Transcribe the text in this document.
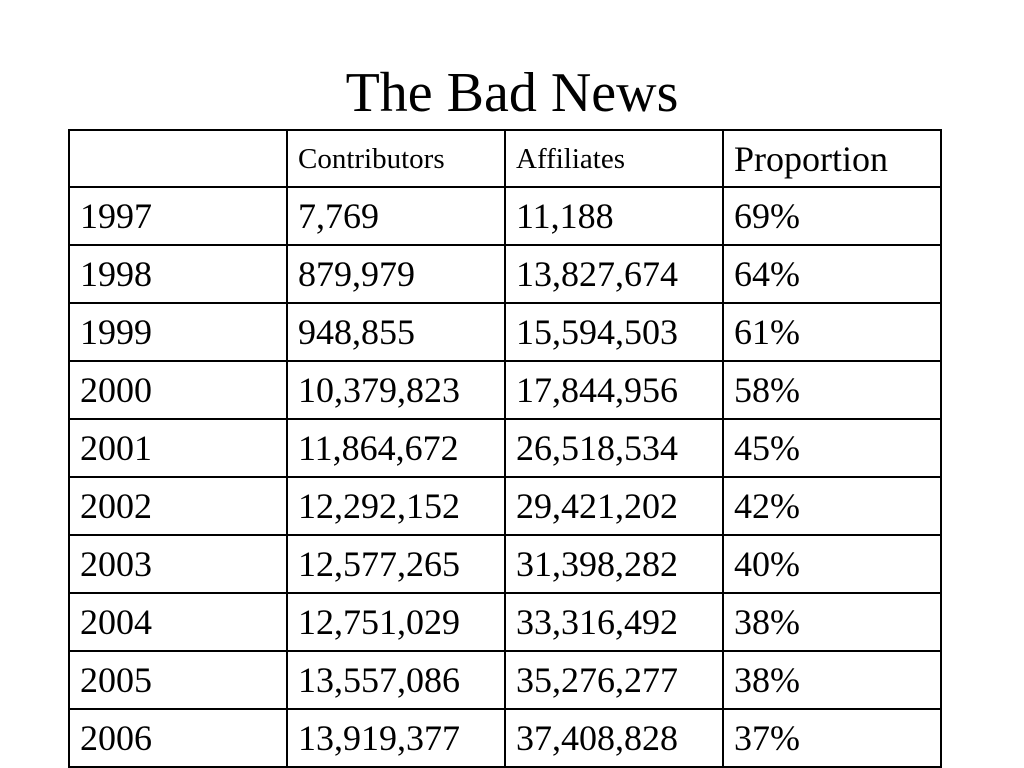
The Bad News
	Contributors	Affiliates	Proportion
1997	7,769	11,188	69%
1998	879,979	13,827,674	64%
1999	948,855	15,594,503	61%
2000	10,379,823	17,844,956	58%
2001	11,864,672	26,518,534	45%
2002	12,292,152	29,421,202	42%
2003	12,577,265	31,398,282	40%
2004	12,751,029	33,316,492	38%
2005	13,557,086	35,276,277	38%
2006	13,919,377	37,408,828	37%
